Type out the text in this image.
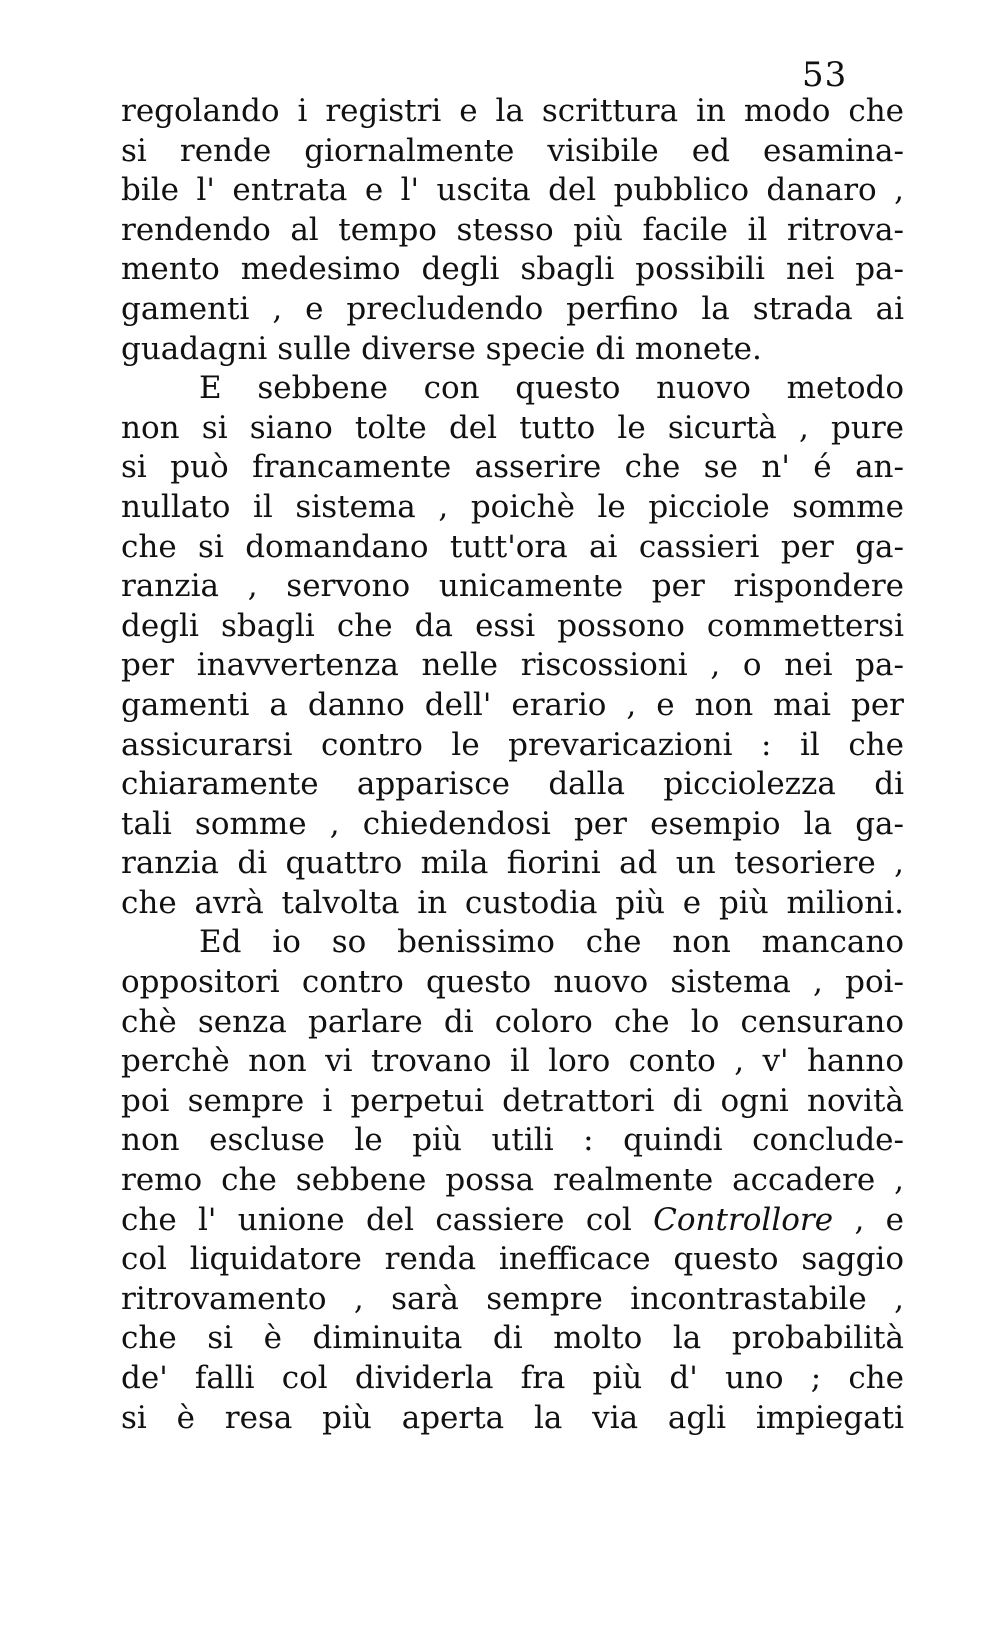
53
regolando i registri e la scrittura in modo che
si rende giornalmente visibile ed esamina-
bile l' entrata e l' uscita del pubblico danaro ,
rendendo al tempo stesso più facile il ritrova-
mento medesimo degli sbagli possibili nei pa-
gamenti , e precludendo perfino la strada ai
guadagni sulle diverse specie di monete.
E sebbene con questo nuovo metodo
non si siano tolte del tutto le sicurtà , pure
si può francamente asserire che se n' é an-
nullato il sistema , poichè le picciole somme
che si domandano tutt'ora ai cassieri per ga-
ranzia , servono unicamente per rispondere
degli sbagli che da essi possono commettersi
per inavvertenza nelle riscossioni , o nei pa-
gamenti a danno dell' erario , e non mai per
assicurarsi contro le prevaricazioni : il che
chiaramente apparisce dalla picciolezza di
tali somme , chiedendosi per esempio la ga-
ranzia di quattro mila fiorini ad un tesoriere ,
che avrà talvolta in custodia più e più milioni.
Ed io so benissimo che non mancano
oppositori contro questo nuovo sistema , poi-
chè senza parlare di coloro che lo censurano
perchè non vi trovano il loro conto , v' hanno
poi sempre i perpetui detrattori di ogni novità
non escluse le più utili : quindi conclude-
remo che sebbene possa realmente accadere ,
che l' unione del cassiere col Controllore , e
col liquidatore renda inefficace questo saggio
ritrovamento , sarà sempre incontrastabile ,
che si è diminuita di molto la probabilità
de' falli col dividerla fra più d' uno ; che
si è resa più aperta la via agli impiegati
